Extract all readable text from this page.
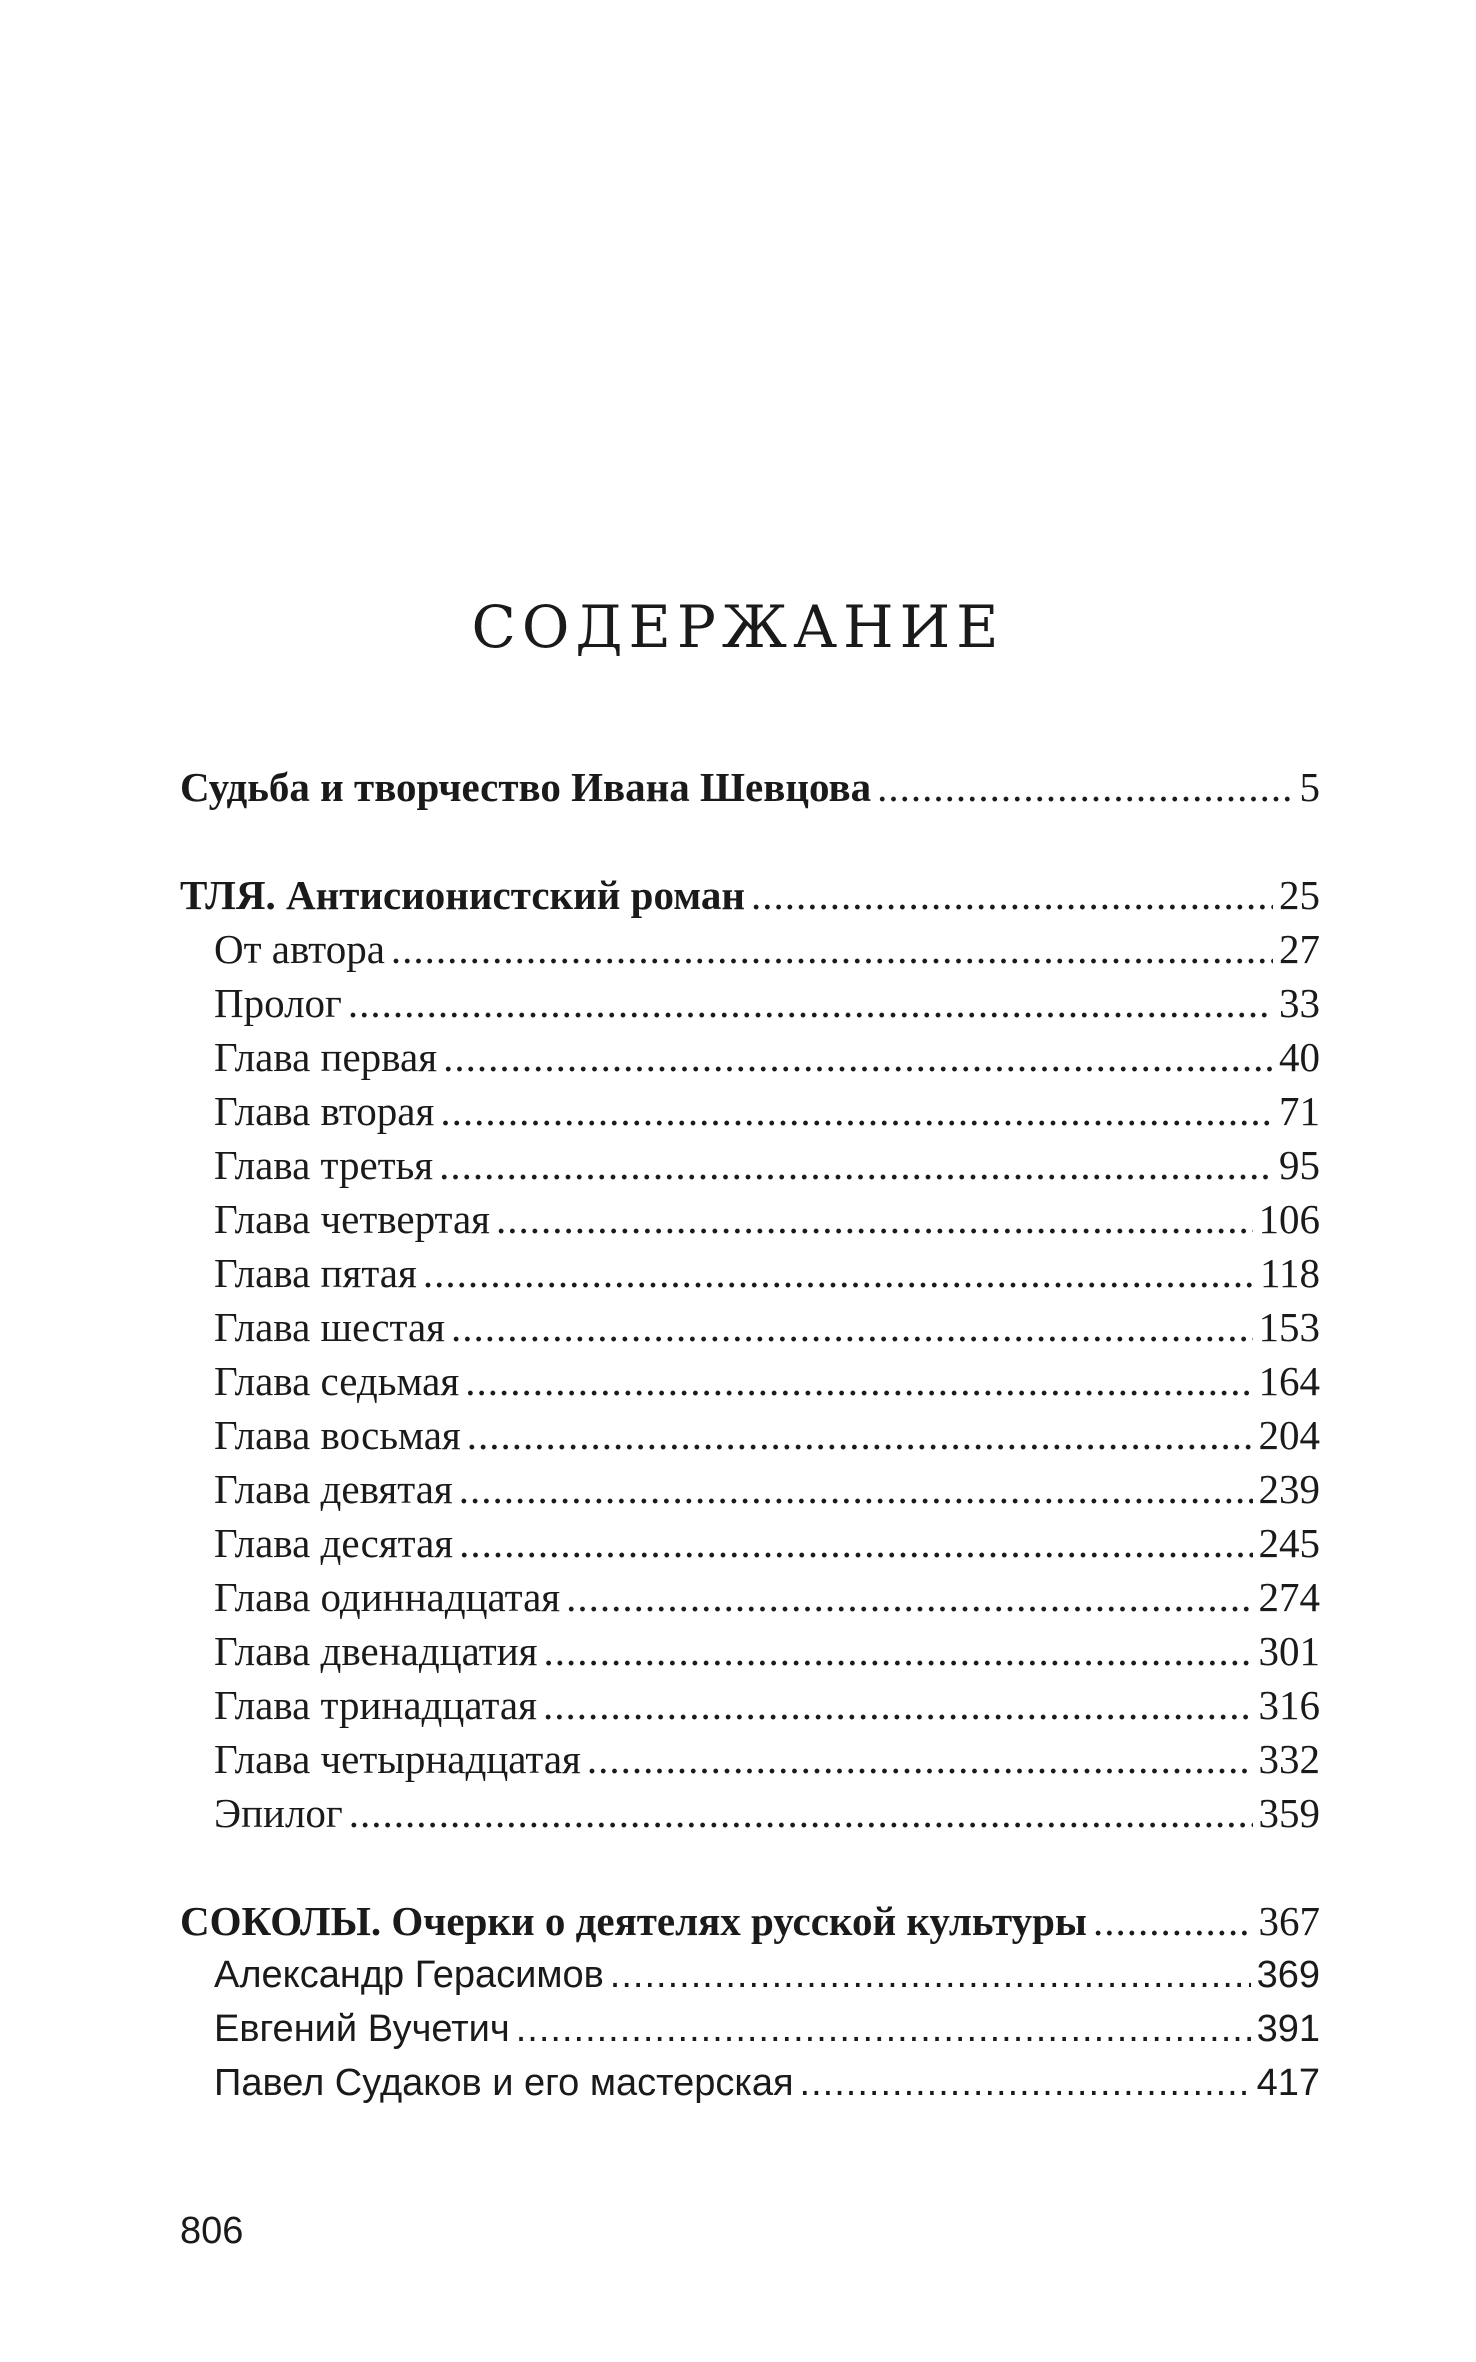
СОДЕРЖАНИЕ
Судьба и творчество Ивана Шевцова .....	5
ТЛЯ. Антисионистский роман .....	25
От автора .....	27
Пролог .....	33
Глава первая .....	40
Глава вторая .....	71
Глава третья .....	95
Глава четвертая .....	106
Глава пятая .....	118
Глава шестая .....	153
Глава седьмая .....	164
Глава восьмая .....	204
Глава девятая .....	239
Глава десятая .....	245
Глава одиннадцатая .....	274
Глава двенадцатия .....	301
Глава тринадцатая .....	316
Глава четырнадцатая .....	332
Эпилог .....	359
СОКОЛЫ. Очерки о деятелях русской культуры .....	367
Александр Герасимов .....	369
Евгений Вучетич .....	391
Павел Судаков и его мастерская .....	417
806
